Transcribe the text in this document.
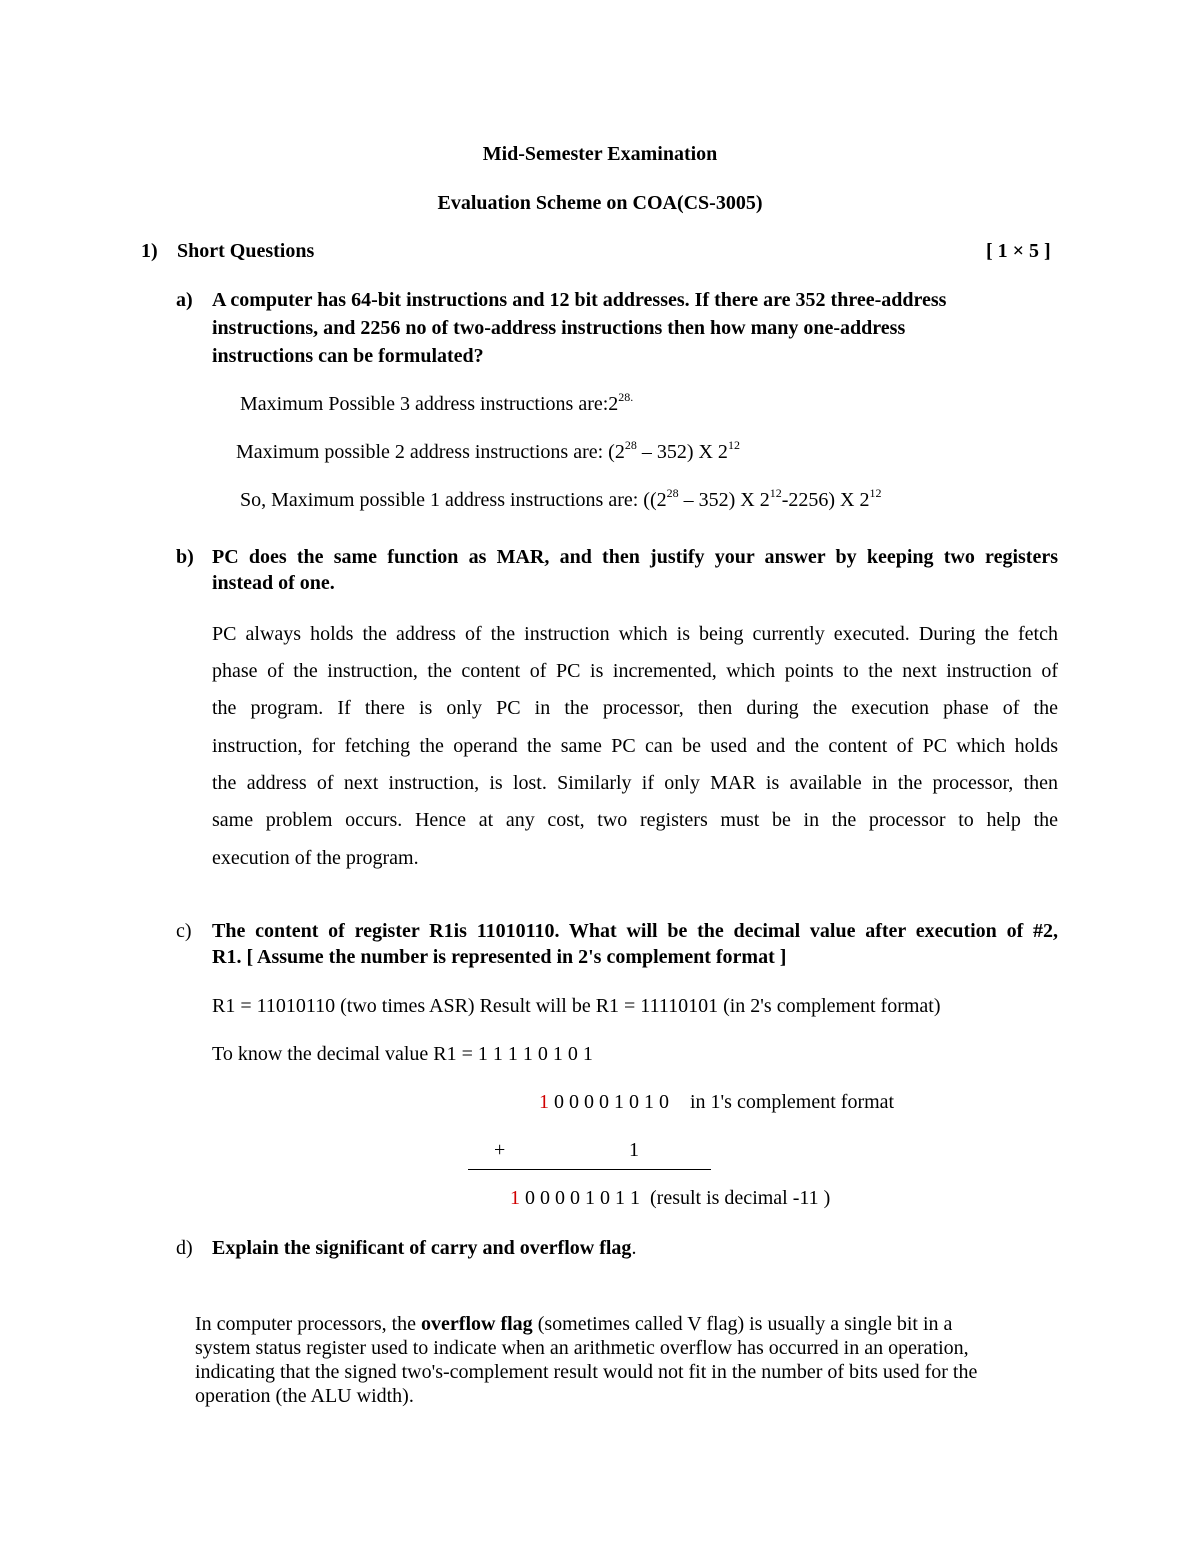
Mid-Semester Examination
Evaluation Scheme on COA(CS-3005)
1) Short Questions	[ 1 × 5 ]
a) A computer has 64-bit instructions and 12 bit addresses. If there are 352 three-address
instructions, and 2256 no of two-address instructions then how many one-address
instructions can be formulated?
Maximum Possible 3 address instructions $are:2^{28.}$
Maximum possible 2 address instructions are: $(2^{28} - 352)$ X $2^{12}$
So, Maximum possible 1 address instructions are: ($(2^{28} - 352)$ X $2^{12}-2256$) X $2^{12}$
b) PC does the same function as MAR, and then justify your answer by keeping two registers
instead of one.
PC always holds the address of the instruction which is being currently executed. During the fetch
phase of the instruction, the content of PC is incremented, which points to the next instruction of
the program. If there is only PC in the processor, then during the execution phase of the
instruction, for fetching the operand the same PC can be used and the content of PC which holds
the address of next instruction, is lost. Similarly if only MAR is available in the processor, then
same problem occurs. Hence at any cost, two registers must be in the processor to help the
execution of the program.
c) The content of register R1is 11010110. What will be the decimal value after execution of #2,
R1. [ Assume the number is represented in 2's complement format ]
R1 = 11010110 (two times ASR) Result will be R1 = 11110101 (in 2's complement format)
To know the decimal value R1 = 1 1 1 1 0 1 0 1
1 0 0 0 0 1 0 1 0 in 1's complement format
+	1
1 0 0 0 0 1 0 1 1 (result is decimal -11 )
d) Explain the significant of carry and overflow flag.
In computer processors, the overflow flag (sometimes called V flag) is usually a single bit in a
system status register used to indicate when an arithmetic overflow has occurred in an operation,
indicating that the signed two's-complement result would not fit in the number of bits used for the
operation (the ALU width).
